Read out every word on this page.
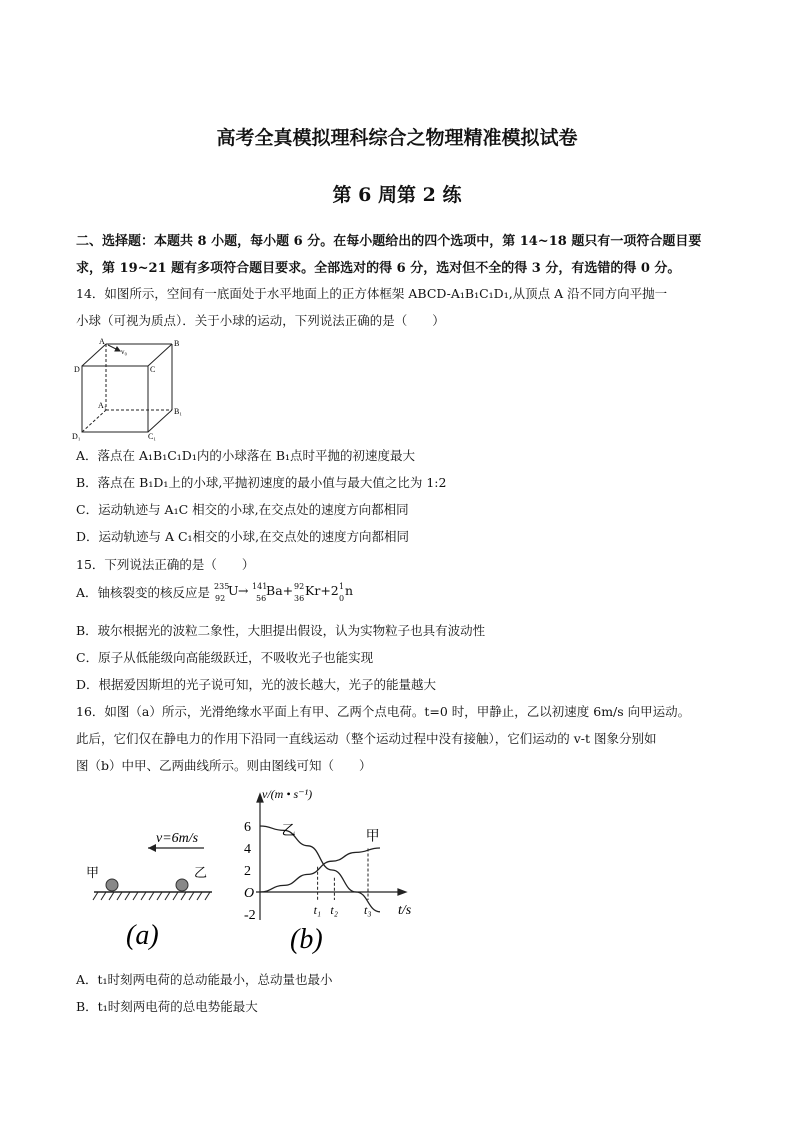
高考全真模拟理科综合之物理精准模拟试卷
第 6 周第 2 练
二、选择题：本题共 8 小题，每小题 6 分。在每小题给出的四个选项中，第 14~18 题只有一项符合题目要
求，第 19~21 题有多项符合题目要求。全部选对的得 6 分，选对但不全的得 3 分，有选错的得 0 分。
14．如图所示，空间有一底面处于水平地面上的正方体框架 ABCD-A₁B₁C₁D₁,从顶点 A 沿不同方向平抛一
小球（可视为质点）．关于小球的运动，下列说法正确的是（　　）
A	B
C
D
v₀
A₁
B₁
C₁
D₁
A．落点在 A₁B₁C₁D₁内的小球落在 B₁点时平抛的初速度最大
B．落点在 B₁D₁上的小球,平抛初速度的最小值与最大值之比为 1:2
C．运动轨迹与 A₁C 相交的小球,在交点处的速度方向都相同
D．运动轨迹与 A C₁相交的小球,在交点处的速度方向都相同
15．下列说法正确的是（　　）
A．铀核裂变的核反应是 235
92
U → 141
56
Ba+ 92
36
Kr+2 1
0
n
B．玻尔根据光的波粒二象性，大胆提出假设，认为实物粒子也具有波动性
C．原子从低能级向高能级跃迁，不吸收光子也能实现
D．根据爱因斯坦的光子说可知，光的波长越大，光子的能量越大
16．如图（a）所示，光滑绝缘水平面上有甲、乙两个点电荷。t=0 时，甲静止，乙以初速度 6m/s 向甲运动。
此后，它们仅在静电力的作用下沿同一直线运动（整个运动过程中没有接触），它们运动的 v-t 图象分别如
图（b）中甲、乙两曲线所示。则由图线可知（　　）
v=6m/s
甲	乙
(a)
6
4
2
-2
O
v/(m • s⁻¹)
t/s
乙	甲
t₁ t₂ t₃
(b)
A．t₁时刻两电荷的总动能最小，总动量也最小
B．t₁时刻两电荷的总电势能最大
